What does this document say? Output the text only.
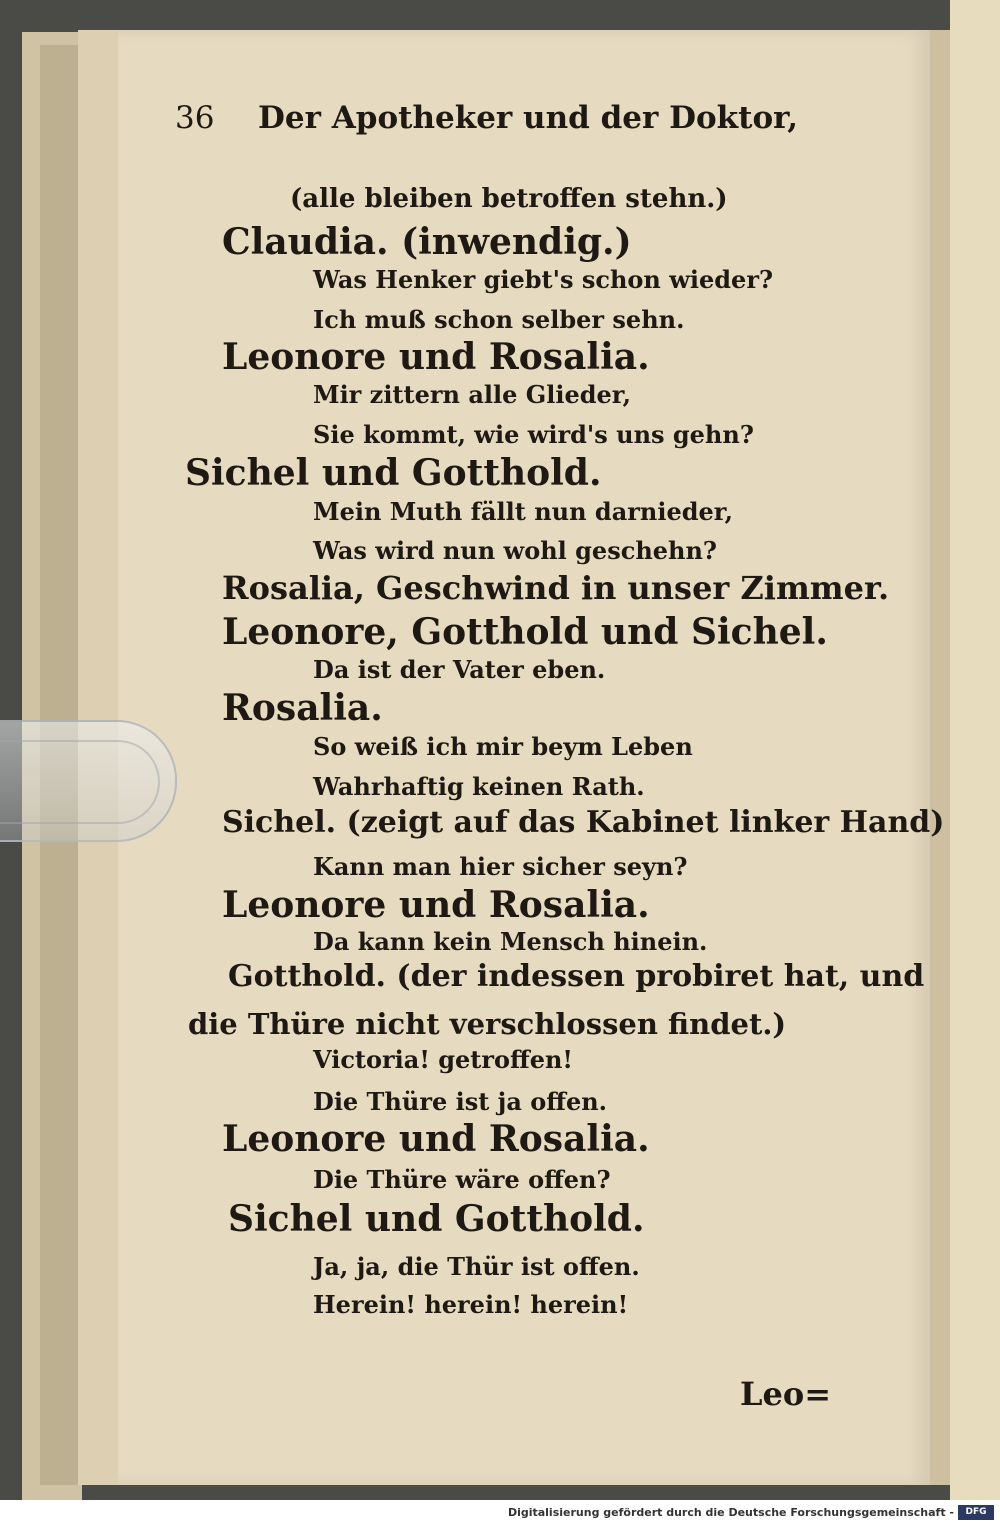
36 Der Apotheker und der Doktor,

(alle bleiben betroffen stehn.)

Claudia. (inwendig.)

Was Henker giebt's schon wieder?

Ich muß schon selber sehn.

Leonore und Rosalia.

Mir zittern alle Glieder,

Sie kommt, wie wird's uns gehn?

Sichel und Gotthold.

Mein Muth fällt nun darnieder,

Was wird nun wohl geschehn?

Rosalia, Geschwind in unser Zimmer.

Leonore, Gotthold und Sichel.

Da ist der Vater eben.

Rosalia.

So weiß ich mir beym Leben

Wahrhaftig keinen Rath.

Sichel. (zeigt auf das Kabinet linker Hand)

Kann man hier sicher seyn?

Leonore und Rosalia.

Da kann kein Mensch hinein.

Gotthold. (der indessen probiret hat, und

die Thüre nicht verschlossen findet.)

Victoria! getroffen!

Die Thüre ist ja offen.

Leonore und Rosalia.

Die Thüre wäre offen?

Sichel und Gotthold.

Ja, ja, die Thür ist offen.

Herein! herein! herein!

Leo=

Digitalisierung gefördert durch die Deutsche Forschungsgemeinschaft -	DFG
